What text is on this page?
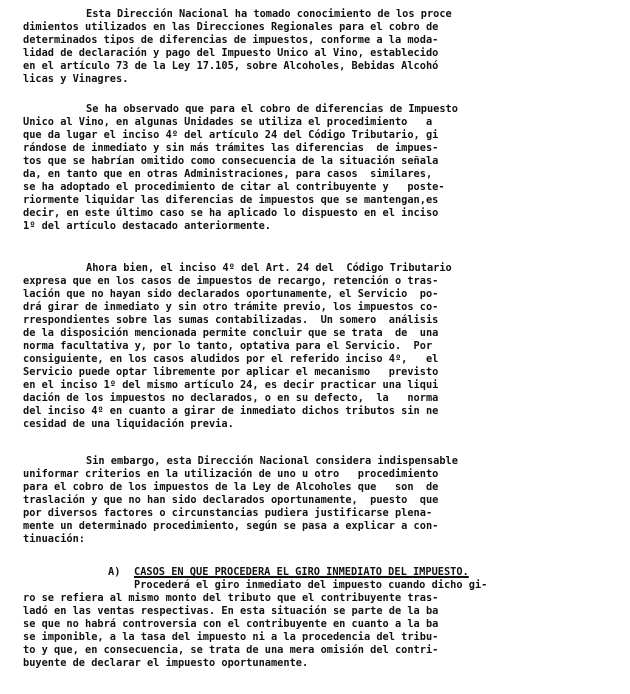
Esta Dirección Nacional ha tomado conocimiento de los proce
dimientos utilizados en las Direcciones Regionales para el cobro de
determinados tipos de diferencias de impuestos, conforme a la moda-
lidad de declaración y pago del Impuesto Unico al Vino, establecido
en el artículo 73 de la Ley 17.105, sobre Alcoholes, Bebidas Alcohó
licas y Vinagres.
Se ha observado que para el cobro de diferencias de Impuesto
Unico al Vino, en algunas Unidades se utiliza el procedimiento   a
que da lugar el inciso 4º del artículo 24 del Código Tributario, gi
rándose de inmediato y sin más trámites las diferencias  de impues-
tos que se habrían omitido como consecuencia de la situación señala
da, en tanto que en otras Administraciones, para casos  similares,
se ha adoptado el procedimiento de citar al contribuyente y   poste-
riormente liquidar las diferencias de impuestos que se mantengan,es
decir, en este último caso se ha aplicado lo dispuesto en el inciso
1º del artículo destacado anteriormente.
Ahora bien, el inciso 4º del Art. 24 del  Código Tributario
expresa que en los casos de impuestos de recargo, retención o tras-
lación que no hayan sido declarados oportunamente, el Servicio  po-
drá girar de inmediato y sin otro trámite previo, los impuestos co-
rrespondientes sobre las sumas contabilizadas.  Un somero  análisis
de la disposición mencionada permite concluir que se trata  de  una
norma facultativa y, por lo tanto, optativa para el Servicio.  Por
consiguiente, en los casos aludidos por el referido inciso 4º,   el
Servicio puede optar libremente por aplicar el mecanismo   previsto
en el inciso 1º del mismo artículo 24, es decir practicar una liqui
dación de los impuestos no declarados, o en su defecto,  la   norma
del inciso 4º en cuanto a girar de inmediato dichos tributos sin ne
cesidad de una liquidación previa.
Sin embargo, esta Dirección Nacional considera indispensable
uniformar criterios en la utilización de uno u otro   procedimiento
para el cobro de los impuestos de la Ley de Alcoholes que   son  de
traslación y que no han sido declarados oportunamente,  puesto  que
por diversos factores o circunstancias pudiera justificarse plena-
mente un determinado procedimiento, según se pasa a explicar a con-
tinuación:
A) CASOS EN QUE PROCEDERA EL GIRO INMEDIATO DEL IMPUESTO.
Procederá el giro inmediato del impuesto cuando dicho gi-
ro se refiera al mismo monto del tributo que el contribuyente tras-
ladó en las ventas respectivas. En esta situación se parte de la ba
se que no habrá controversia con el contribuyente en cuanto a la ba
se imponible, a la tasa del impuesto ni a la procedencia del tribu-
to y que, en consecuencia, se trata de una mera omisión del contri-
buyente de declarar el impuesto oportunamente.
